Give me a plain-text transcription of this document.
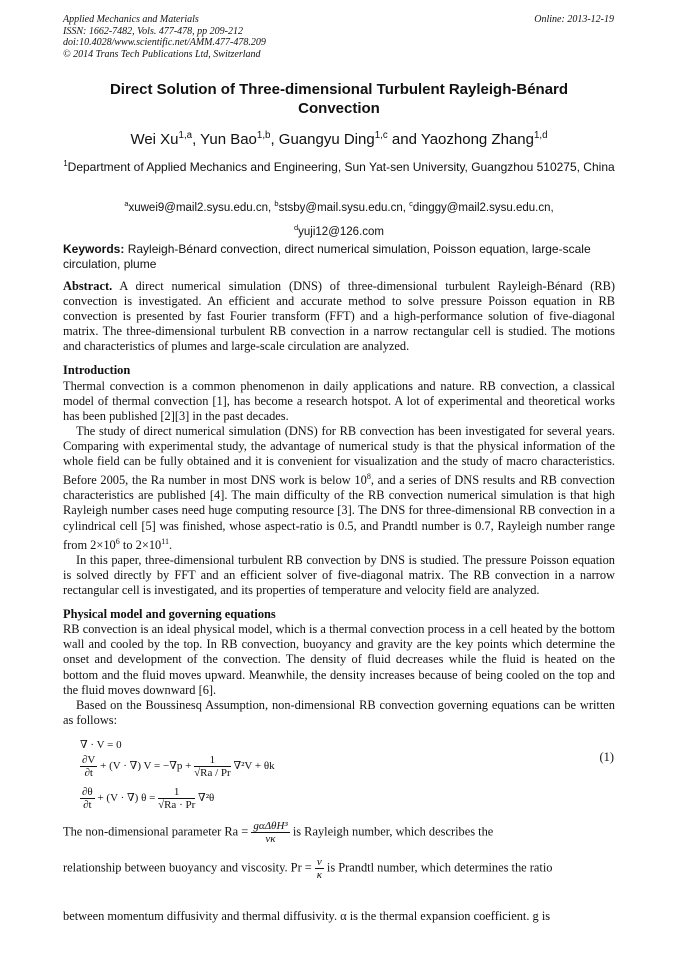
Applied Mechanics and Materials
ISSN: 1662-7482, Vols. 477-478, pp 209-212
doi:10.4028/www.scientific.net/AMM.477-478.209
© 2014 Trans Tech Publications Ltd, Switzerland
Online: 2013-12-19
Direct Solution of Three-dimensional Turbulent Rayleigh-Bénard
Convection
Wei Xu$^{1,a}$, Yun Bao$^{1,b}$, Guangyu Ding$^{1,c}$ and Yaozhong Zhang$^{1,d}$
$^1$Department of Applied Mechanics and Engineering, Sun Yat-sen University, Guangzhou 510275, China
$^a$xuwei9@mail2.sysu.edu.cn, $^b$stsby@mail.sysu.edu.cn, $^c$dinggy@mail2.sysu.edu.cn,
$^d$yuji12@126.com
Keywords: Rayleigh-Bénard convection, direct numerical simulation, Poisson equation, large-scale circulation, plume

Abstract. A direct numerical simulation (DNS) of three-dimensional turbulent Rayleigh-Bénard (RB) convection is investigated. An efficient and accurate method to solve pressure Poisson equation in RB convection is presented by fast Fourier transform (FFT) and a high-performance solution of five-diagonal matrix. The three-dimensional turbulent RB convection in a narrow rectangular cell is studied. The motions and characteristics of plumes and large-scale circulation are analyzed.

Introduction

Thermal convection is a common phenomenon in daily applications and nature. RB convection, a classical model of thermal convection [1], has become a research hotspot. A lot of experimental and theoretical works has been published [2][3] in the past decades.

The study of direct numerical simulation (DNS) for RB convection has been investigated for several years. Comparing with experimental study, the advantage of numerical study is that the physical information of the whole field can be fully obtained and it is convenient for visualization and the study of macro characteristics. Before 2005, the Ra number in most DNS work is below $10^8$, and a series of DNS results and RB convection characteristics are published [4]. The main difficulty of the RB convection numerical simulation is that high Rayleigh number cases need huge computing resource [3]. The DNS for three-dimensional RB convection in a cylindrical cell [5] was finished, whose aspect-ratio is 0.5, and Prandtl number is 0.7, Rayleigh number range from $2\times 10^6$ to $2\times 10^{11}$.

In this paper, three-dimensional turbulent RB convection by DNS is studied. The pressure Poisson equation is solved directly by FFT and an efficient solver of five-diagonal matrix. The RB convection in a narrow rectangular cell is investigated, and its properties of temperature and velocity field are analyzed.

Physical model and governing equations

RB convection is an ideal physical model, which is a thermal convection process in a cell heated by the bottom wall and cooled by the top. In RB convection, buoyancy and gravity are the key points which determine the onset and development of the convection. The density of fluid decreases while the fluid is heated on the bottom and the fluid moves upward. Meanwhile, the density increases because of being cooled on the top and the fluid moves downward [6].

Based on the Boussinesq Assumption, non-dimensional RB convection governing equations can be written as follows:

∇ · V = 0
$\frac{\partial V}{\partial t} + (V$ · ∇) $V = -\nabla p + \frac{1}{√Ra / Pr} \nabla^2V + \theta k$
$\frac{\partial\theta}{\partial t} + (V$ · ∇) $\theta = \frac{1}{√Ra \cdot Pr} \nabla^2\theta$
(1)
The non-dimensional parameter $Ra = \frac{\text{gαΔθH³}}{\nu\kappa}$ is Rayleigh number, which describes the
relationship between buoyancy and viscosity. $Pr = \frac{\nu}{\kappa}$ is Prandtl number, which determines the ratio
between momentum diffusivity and thermal diffusivity. α is the thermal expansion coefficient. g is
